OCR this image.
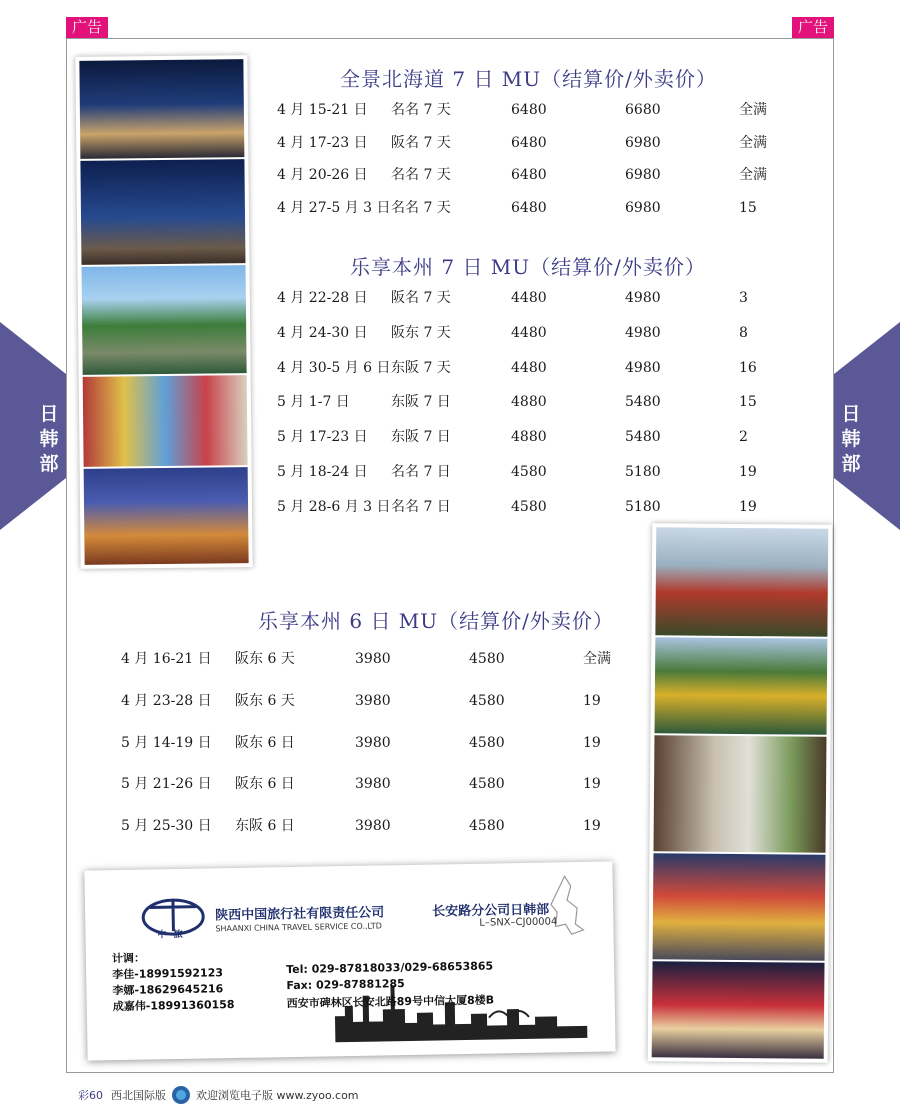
广告	广告
日
韩
部
日
韩
部
全景北海道 7 日 MU（结算价/外卖价）
乐享本州 7 日 MU（结算价/外卖价）
乐享本州 6 日 MU（结算价/外卖价）
4 月 15-21 日 名名 7 天	6480	6680	全满
4 月 17-23 日 阪名 7 天	6480	6980	全满
4 月 20-26 日 名名 7 天	6480	6980	全满
4 月 27-5 月 3 日 名名 7 天	6480	6980	15
4 月 22-28 日 阪名 7 天	4480	4980	3
4 月 24-30 日 阪东 7 天	4480	4980	8
4 月 30-5 月 6 日 东阪 7 天	4480	4980	16
5 月 1-7 日	东阪 7 日	4880	5480	15
5 月 17-23 日 东阪 7 日	4880	5480	2
5 月 18-24 日 名名 7 日	4580	5180	19
5 月 28-6 月 3 日 名名 7 日	4580	5180	19
4 月 16-21 日 阪东 6 天	3980	4580	全满
4 月 23-28 日 阪东 6 天	3980	4580	19
5 月 14-19 日 阪东 6 日	3980	4580	19
5 月 21-26 日 阪东 6 日	3980	4580	19
5 月 25-30 日 东阪 6 日	3980	4580	19
中 旅
陕西中国旅行社有限责任公司
SHAANXI CHINA TRAVEL SERVICE CO.,LTD
长安路分公司日韩部
L–SNX–CJ00004
计调：
李佳-18991592123
李娜-18629645216
成嘉伟-18991360158
Tel: 029-87818033/029-68653865
Fax: 029-87881285
西安市碑林区长安北路89号中信大厦8楼B
彩60 西北国际版	欢迎浏览电子版 www.zyoo.com
